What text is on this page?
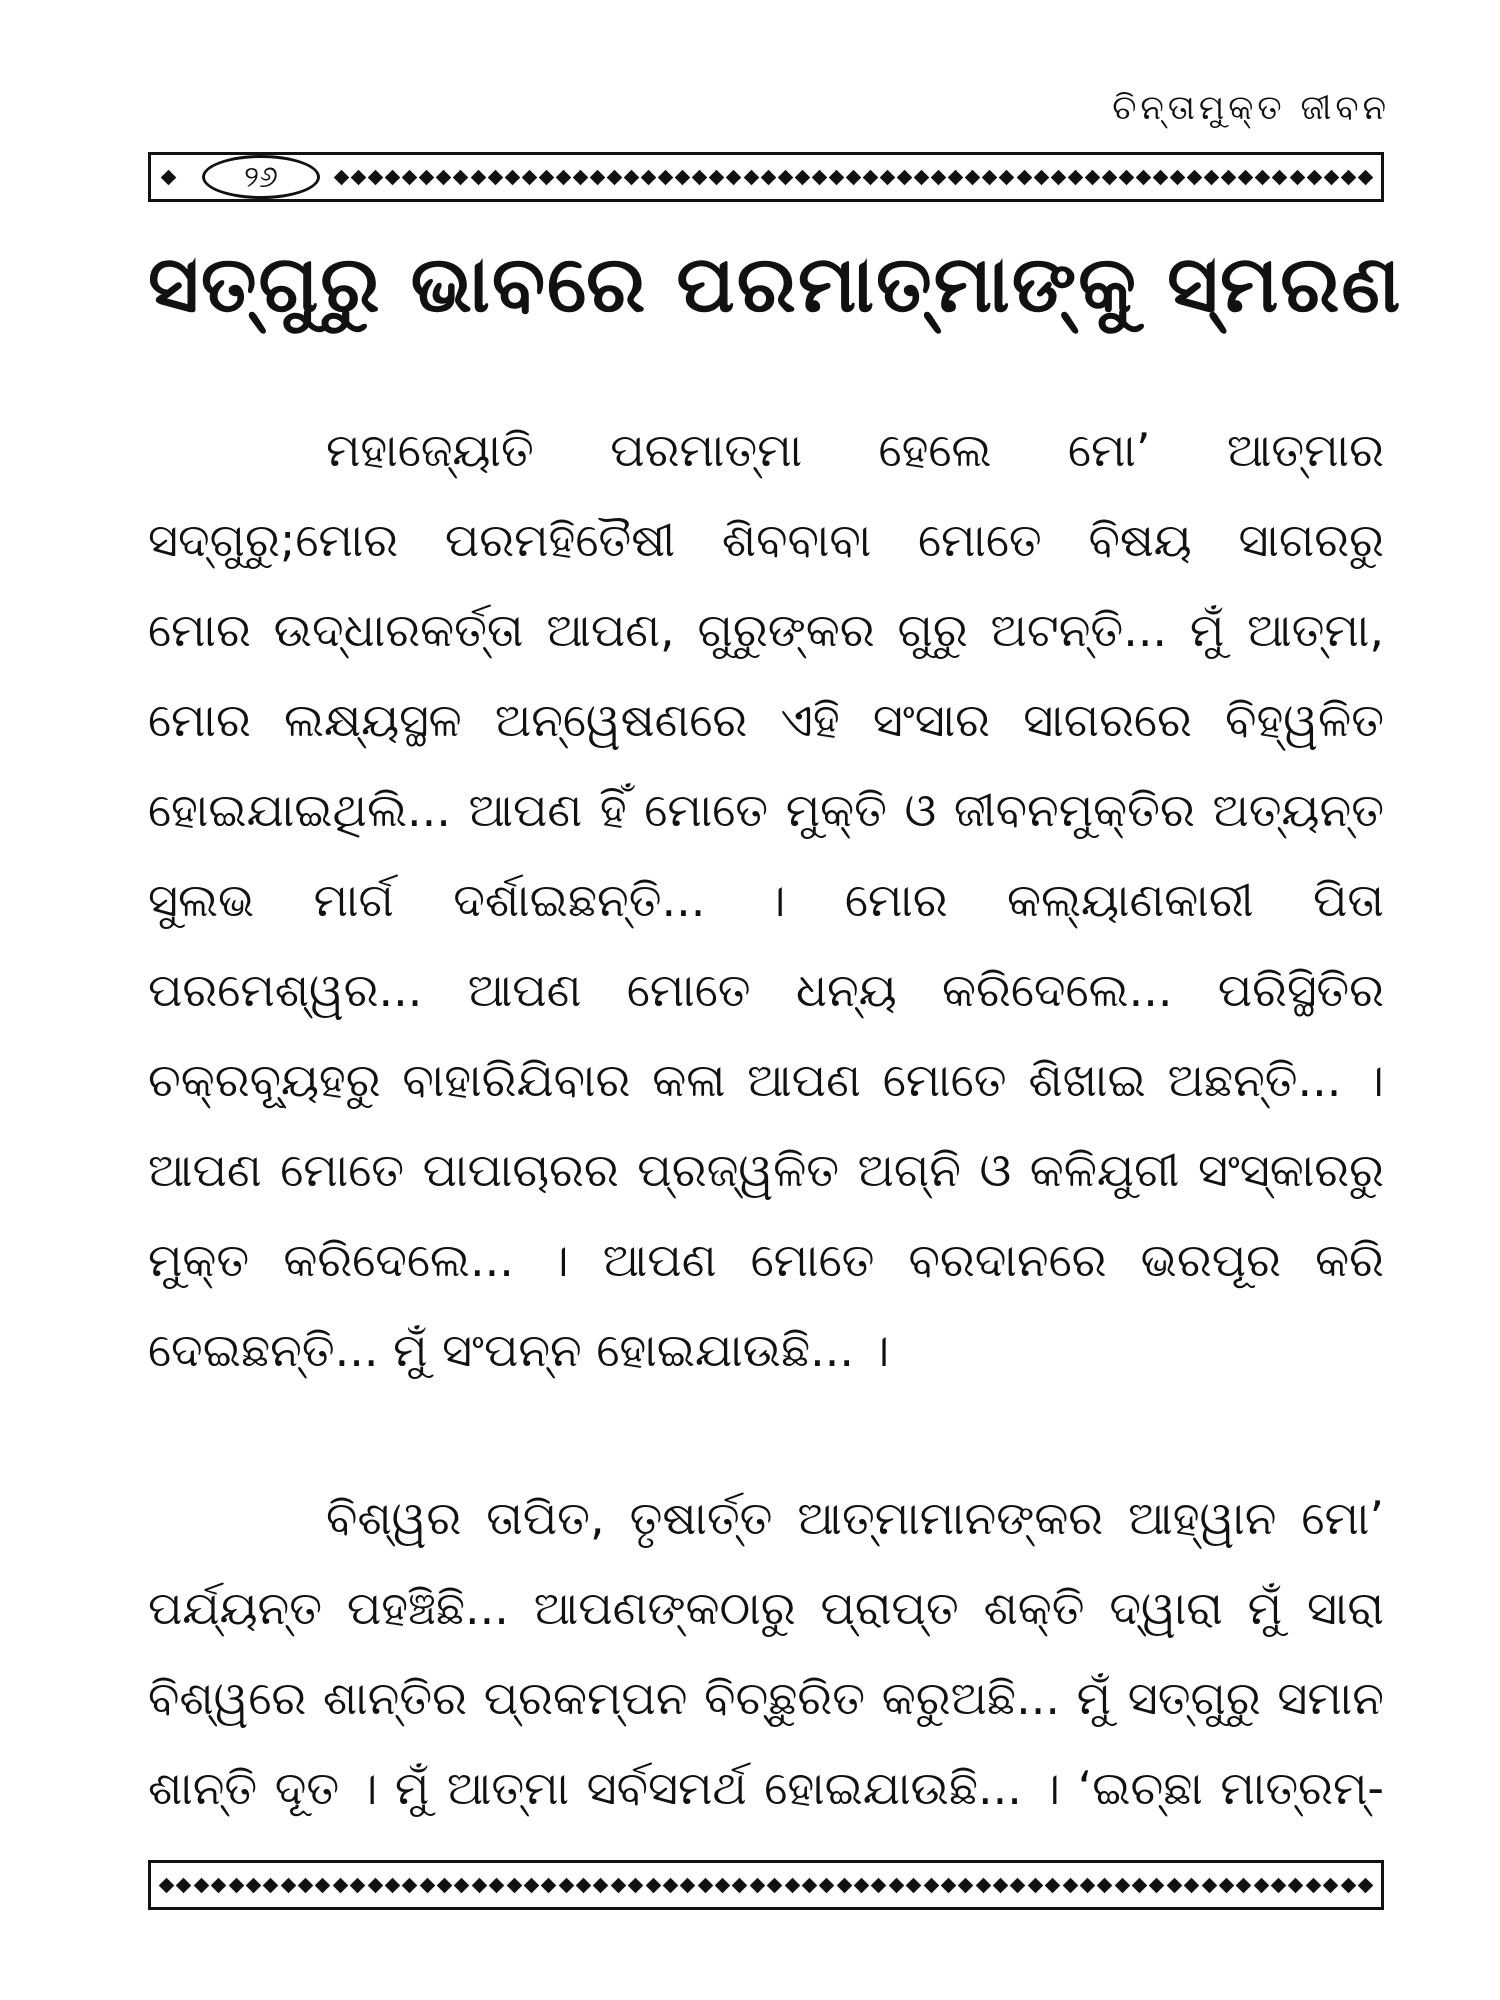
ଚିନ୍ତାମୁକ୍ତ ଜୀବନ
୨୬
ସତ୍‌ଗୁରୁ ଭାବରେ ପରମାତ୍ମାଙ୍କୁ ସ୍ମରଣ
ମହାଜ୍ୟୋତି ପରମାତ୍ମା ହେଲେ ମୋ’ ଆତ୍ମାର
ସଦ୍‌ଗୁରୁ;ମୋର ପରମହିତୈଷୀ ଶିବବାବା ମୋତେ ବିଷୟ ସାଗରରୁ
ମୋର ଉଦ୍ଧାରକର୍ତ୍ତା ଆପଣ, ଗୁରୁଙ୍କର ଗୁରୁ ଅଟନ୍ତି... ମୁଁ ଆତ୍ମା,
ମୋର ଲକ୍ଷ୍ୟସ୍ଥଳ ଅନ୍ୱେଷଣରେ ଏହି ସଂସାର ସାଗରରେ ବିହ୍ୱଳିତ
ହୋଇଯାଇଥିଲି... ଆପଣ ହିଁ ମୋତେ ମୁକ୍ତି ଓ ଜୀବନମୁକ୍ତିର ଅତ୍ୟନ୍ତ
ସୁଲଭ ମାର୍ଗ ଦର୍ଶାଇଛନ୍ତି... । ମୋର କଲ୍ୟାଣକାରୀ ପିତା
ପରମେଶ୍ୱର... ଆପଣ ମୋତେ ଧନ୍ୟ କରିଦେଲେ... ପରିସ୍ଥିତିର
ଚକ୍ରବ୍ୟୂହରୁ ବାହାରିଯିବାର କଳା ଆପଣ ମୋତେ ଶିଖାଇ ଅଛନ୍ତି... ।
ଆପଣ ମୋତେ ପାପାଚାରର ପ୍ରଜ୍ୱଳିତ ଅଗ୍ନି ଓ କଳିଯୁଗୀ ସଂସ୍କାରରୁ
ମୁକ୍ତ କରିଦେଲେ... । ଆପଣ ମୋତେ ବରଦାନରେ ଭରପୂର କରି
ଦେଇଛନ୍ତି... ମୁଁ ସଂପନ୍ନ ହୋଇଯାଉଛି... ।
ବିଶ୍ୱର ତାପିତ, ତୃଷାର୍ତ୍ତ ଆତ୍ମାମାନଙ୍କର ଆହ୍ୱାନ ମୋ’
ପର୍ଯ୍ୟନ୍ତ ପହଞ୍ଚିଛି... ଆପଣଙ୍କଠାରୁ ପ୍ରାପ୍ତ ଶକ୍ତି ଦ୍ୱାରା ମୁଁ ସାରା
ବିଶ୍ୱରେ ଶାନ୍ତିର ପ୍ରକମ୍ପନ ବିଚ୍ଛୁରିତ କରୁଅଛି... ମୁଁ ସତ୍‌ଗୁରୁ ସମାନ
ଶାନ୍ତି ଦୂତ । ମୁଁ ଆତ୍ମା ସର୍ବସମର୍ଥ ହୋଇଯାଉଛି... । ‘ଇଚ୍ଛା ମାତ୍ରମ୍-
